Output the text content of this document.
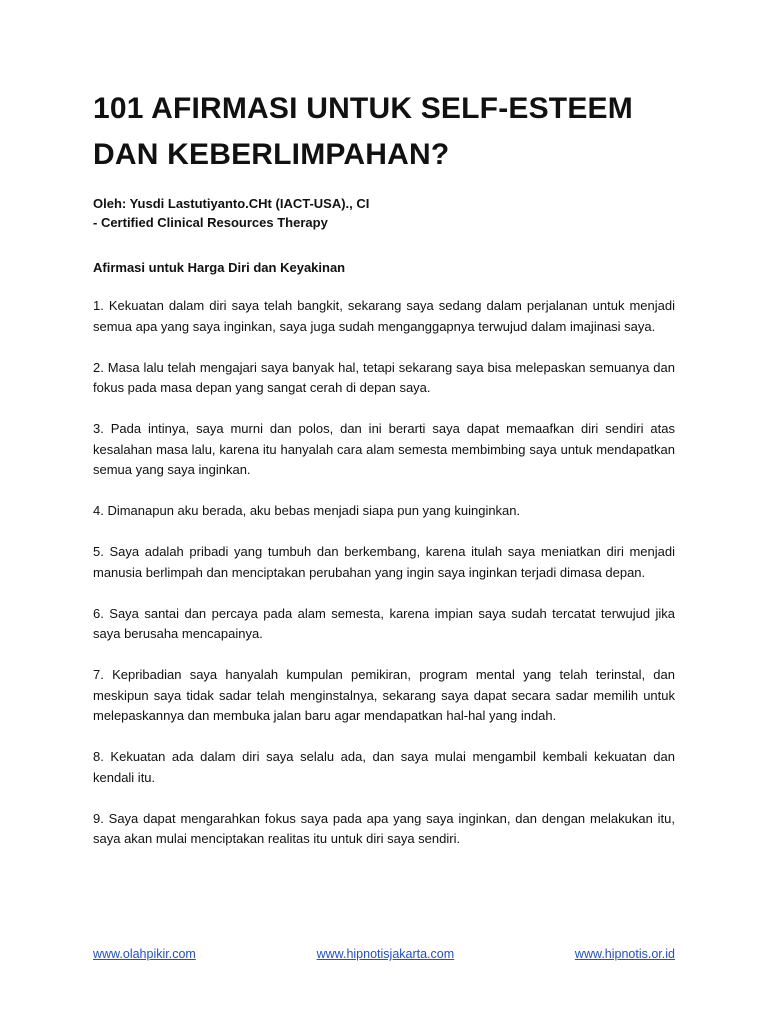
101 AFIRMASI UNTUK SELF-ESTEEM
DAN KEBERLIMPAHAN?
Oleh: Yusdi Lastutiyanto.CHt (IACT-USA)., CI
- Certified Clinical Resources Therapy
Afirmasi untuk Harga Diri dan Keyakinan

1. Kekuatan dalam diri saya telah bangkit, sekarang saya sedang dalam perjalanan untuk menjadi semua apa yang saya inginkan, saya juga sudah menganggapnya terwujud dalam imajinasi saya.

2. Masa lalu telah mengajari saya banyak hal, tetapi sekarang saya bisa melepaskan semuanya dan fokus pada masa depan yang sangat cerah di depan saya.

3. Pada intinya, saya murni dan polos, dan ini berarti saya dapat memaafkan diri sendiri atas kesalahan masa lalu, karena itu hanyalah cara alam semesta membimbing saya untuk mendapatkan semua yang saya inginkan.

4. Dimanapun aku berada, aku bebas menjadi siapa pun yang kuinginkan.

5. Saya adalah pribadi yang tumbuh dan berkembang, karena itulah saya meniatkan diri menjadi manusia berlimpah dan menciptakan perubahan yang ingin saya inginkan terjadi dimasa depan.

6. Saya santai dan percaya pada alam semesta, karena impian saya sudah tercatat terwujud jika saya berusaha mencapainya.

7. Kepribadian saya hanyalah kumpulan pemikiran, program mental yang telah terinstal, dan meskipun saya tidak sadar telah menginstalnya, sekarang saya dapat secara sadar memilih untuk melepaskannya dan membuka jalan baru agar mendapatkan hal-hal yang indah.

8. Kekuatan ada dalam diri saya selalu ada, dan saya mulai mengambil kembali kekuatan dan kendali itu.

9. Saya dapat mengarahkan fokus saya pada apa yang saya inginkan, dan dengan melakukan itu, saya akan mulai menciptakan realitas itu untuk diri saya sendiri.

www.olahpikir.com	www.hipnotisjakarta.com	www.hipnotis.or.id
